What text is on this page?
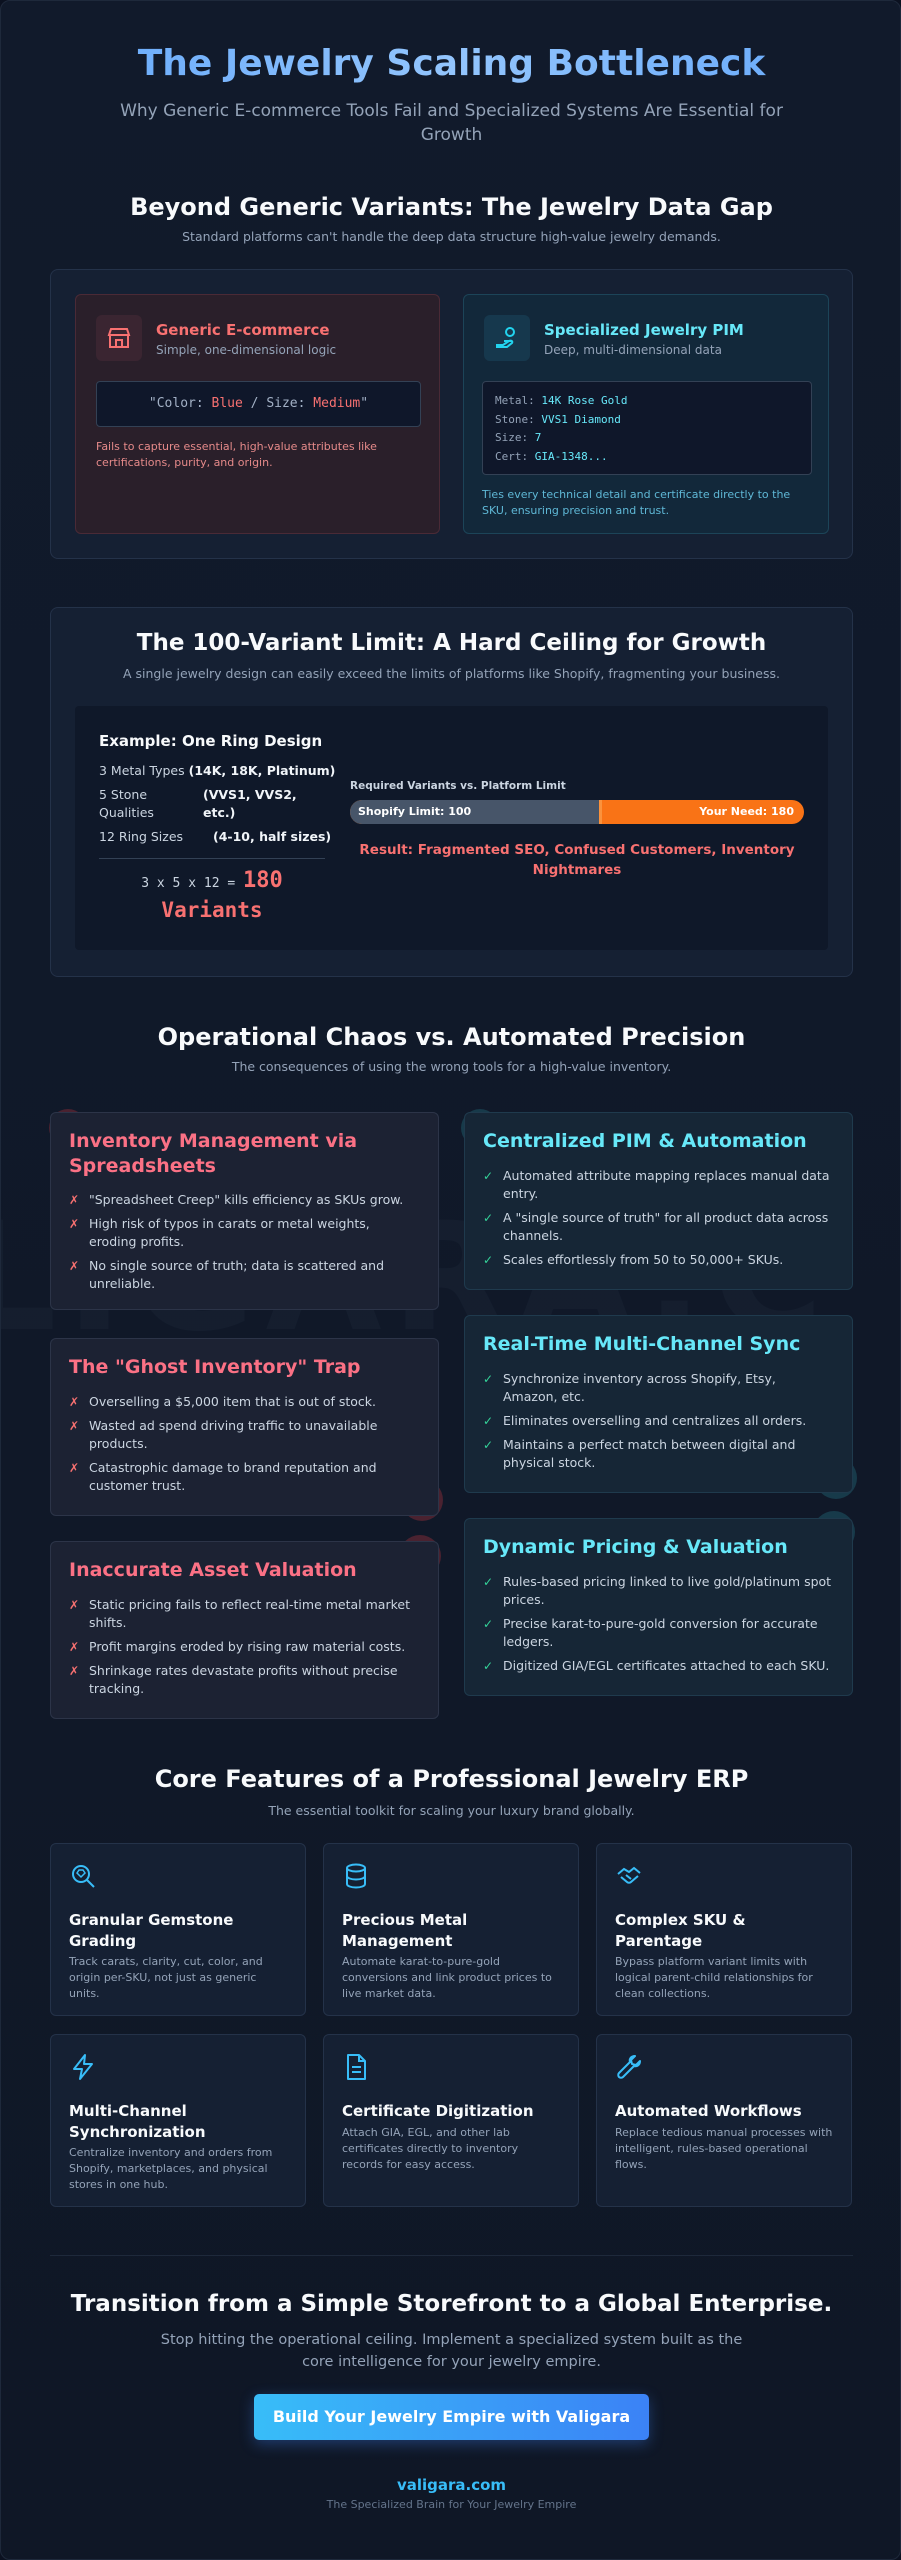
The Jewelry Scaling Bottleneck
Why Generic E-commerce Tools Fail and Specialized Systems Are Essential for Growth
Beyond Generic Variants: The Jewelry Data Gap
Standard platforms can't handle the deep data structure high-value jewelry demands.
Generic E-commerce
Simple, one-dimensional logic
"Color: Blue / Size: Medium"
Fails to capture essential, high-value attributes like certifications, purity, and origin.
Specialized Jewelry PIM
Deep, multi-dimensional data
Metal: 14K Rose Gold
Stone: VVS1 Diamond
Size: 7
Cert: GIA-1348...
Ties every technical detail and certificate directly to the SKU, ensuring precision and trust.
The 100-Variant Limit: A Hard Ceiling for Growth
A single jewelry design can easily exceed the limits of platforms like Shopify, fragmenting your business.
Example: One Ring Design
3 Metal Types (14K, 18K, Platinum)
5 Stone Qualities
(VVS1, VVS2, etc.)
12 Ring Sizes (4-10, half sizes)
3 x 5 x 12 = 180
Variants
Required Variants vs. Platform Limit
Shopify Limit: 100	Your Need: 180
Result: Fragmented SEO, Confused Customers, Inventory Nightmares
Operational Chaos vs. Automated Precision
The consequences of using the wrong tools for a high-value inventory.
Inventory Management via Spreadsheets
✗ "Spreadsheet Creep" kills efficiency as SKUs grow.
✗ High risk of typos in carats or metal weights, eroding profits.
✗ No single source of truth; data is scattered and unreliable.
The "Ghost Inventory" Trap
✗ Overselling a $5,000 item that is out of stock.
✗ Wasted ad spend driving traffic to unavailable products.
✗ Catastrophic damage to brand reputation and customer trust.
Inaccurate Asset Valuation
✗ Static pricing fails to reflect real-time metal market shifts.
✗ Profit margins eroded by rising raw material costs.
✗ Shrinkage rates devastate profits without precise tracking.
Centralized PIM & Automation
✓ Automated attribute mapping replaces manual data entry.
✓ A "single source of truth" for all product data across channels.
✓ Scales effortlessly from 50 to 50,000+ SKUs.
Real-Time Multi-Channel Sync
✓ Synchronize inventory across Shopify, Etsy, Amazon, etc.
✓ Eliminates overselling and centralizes all orders.
✓ Maintains a perfect match between digital and physical stock.
Dynamic Pricing & Valuation
✓ Rules-based pricing linked to live gold/platinum spot prices.
✓ Precise karat-to-pure-gold conversion for accurate ledgers.
✓ Digitized GIA/EGL certificates attached to each SKU.
Core Features of a Professional Jewelry ERP
The essential toolkit for scaling your luxury brand globally.
Granular Gemstone Grading
Track carats, clarity, cut, color, and origin per-SKU, not just as generic units.
Precious Metal Management
Automate karat-to-pure-gold conversions and link product prices to live market data.
Complex SKU & Parentage
Bypass platform variant limits with logical parent-child relationships for clean collections.
Multi-Channel Synchronization
Centralize inventory and orders from Shopify, marketplaces, and physical stores in one hub.
Certificate Digitization
Attach GIA, EGL, and other lab certificates directly to inventory records for easy access.
Automated Workflows
Replace tedious manual processes with intelligent, rules-based operational flows.
Transition from a Simple Storefront to a Global Enterprise.
Stop hitting the operational ceiling. Implement a specialized system built as the core intelligence for your jewelry empire.
Build Your Jewelry Empire with Valigara
valigara.com
The Specialized Brain for Your Jewelry Empire
